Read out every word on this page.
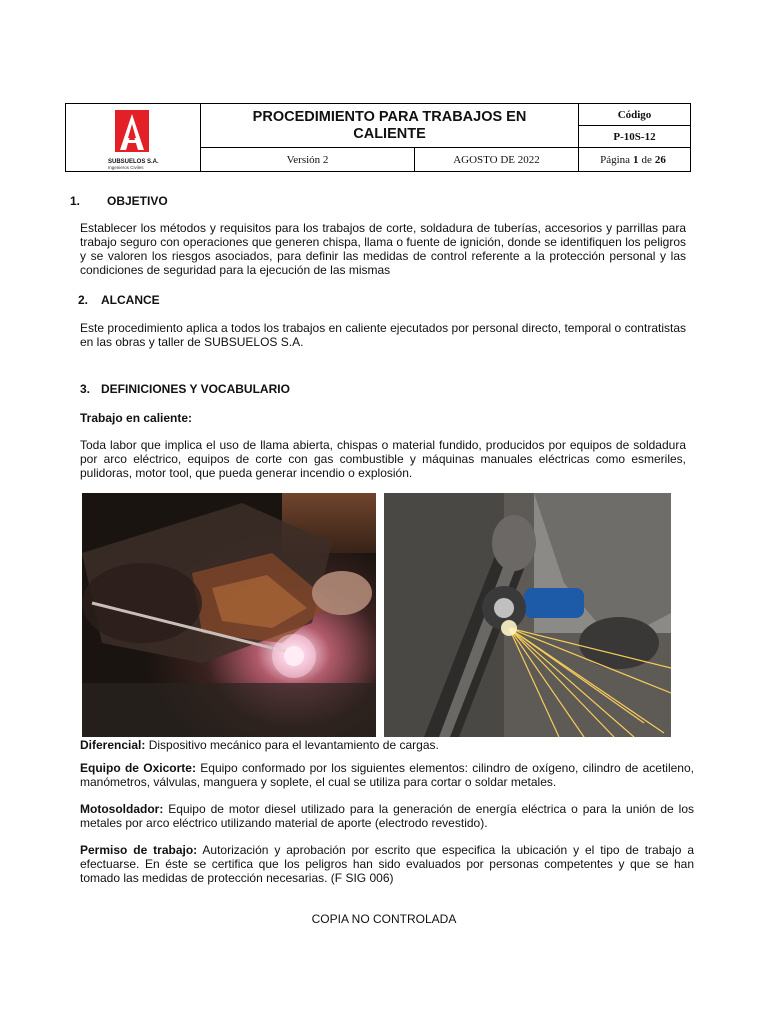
SUBSUELOS S.A.
Ingenieros Civiles
PROCEDIMIENTO PARA TRABAJOS EN CALIENTE
Código
P-10S-12
Versión 2	AGOSTO DE 2022	Página 1 de 26
1. OBJETIVO
Establecer los métodos y requisitos para los trabajos de corte, soldadura de tuberías, accesorios y parrillas para trabajo seguro con operaciones que generen chispa, llama o fuente de ignición, donde se identifiquen los peligros y se valoren los riesgos asociados, para definir las medidas de control referente a la protección personal y las condiciones de seguridad para la ejecución de las mismas
2. ALCANCE
Este procedimiento aplica a todos los trabajos en caliente ejecutados por personal directo, temporal o contratistas en las obras y taller de SUBSUELOS S.A.
3. DEFINICIONES Y VOCABULARIO
Trabajo en caliente:
Toda labor que implica el uso de llama abierta, chispas o material fundido, producidos por equipos de soldadura por arco eléctrico, equipos de corte con gas combustible y máquinas manuales eléctricas como esmeriles, pulidoras, motor tool, que pueda generar incendio o explosión.
Diferencial: Dispositivo mecánico para el levantamiento de cargas.
Equipo de Oxicorte: Equipo conformado por los siguientes elementos: cilindro de oxígeno, cilindro de acetileno, manómetros, válvulas, manguera y soplete, el cual se utiliza para cortar o soldar metales.
Motosoldador: Equipo de motor diesel utilizado para la generación de energía eléctrica o para la unión de los metales por arco eléctrico utilizando material de aporte (electrodo revestido).
Permiso de trabajo: Autorización y aprobación por escrito que especifica la ubicación y el tipo de trabajo a efectuarse. En éste se certifica que los peligros han sido evaluados por personas competentes y que se han tomado las medidas de protección necesarias. (F SIG 006)
COPIA NO CONTROLADA
